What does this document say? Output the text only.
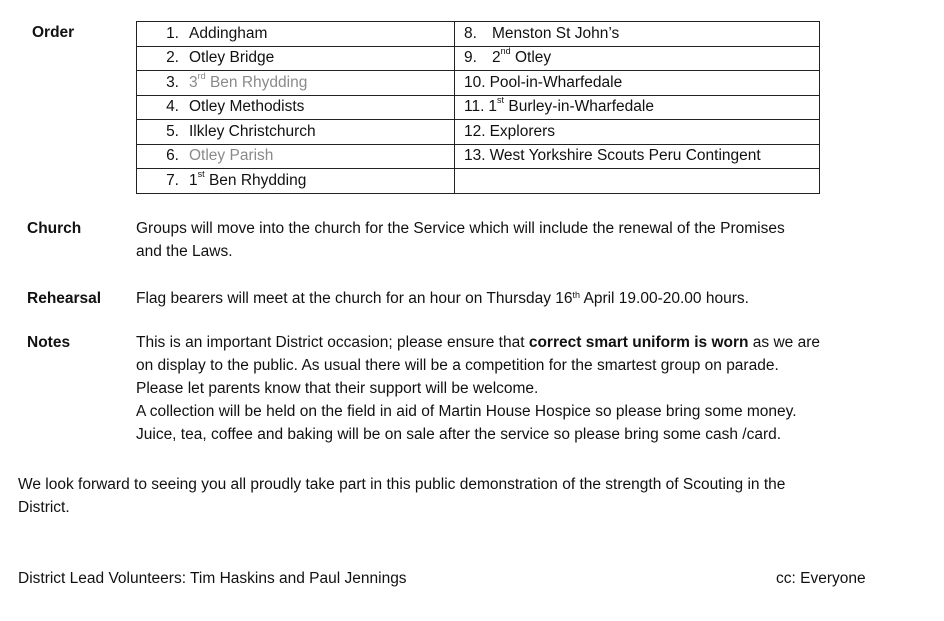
Order	1. Addingham	8. Menston St John’s
2. Otley Bridge	9. 2nd Otley
3. 3rd Ben Rhydding	10. Pool-in-Wharfedale
4. Otley Methodists	11. 1st Burley-in-Wharfedale
5. Ilkley Christchurch	12. Explorers
6. Otley Parish	13. West Yorkshire Scouts Peru Contingent
7. 1st Ben Rhydding	
Church	Groups will move into the church for the Service which will include the renewal of the Promises
and the Laws.
Rehearsal Flag bearers will meet at the church for an hour on Thursday 16th April 19.00-20.00 hours.
Notes	This is an important District occasion; please ensure that correct smart uniform is worn as we are
on display to the public. As usual there will be a competition for the smartest group on parade.
Please let parents know that their support will be welcome.
A collection will be held on the field in aid of Martin House Hospice so please bring some money.
Juice, tea, coffee and baking will be on sale after the service so please bring some cash /card.
We look forward to seeing you all proudly take part in this public demonstration of the strength of Scouting in the
District.
District Lead Volunteers: Tim Haskins and Paul Jennings	cc: Everyone
